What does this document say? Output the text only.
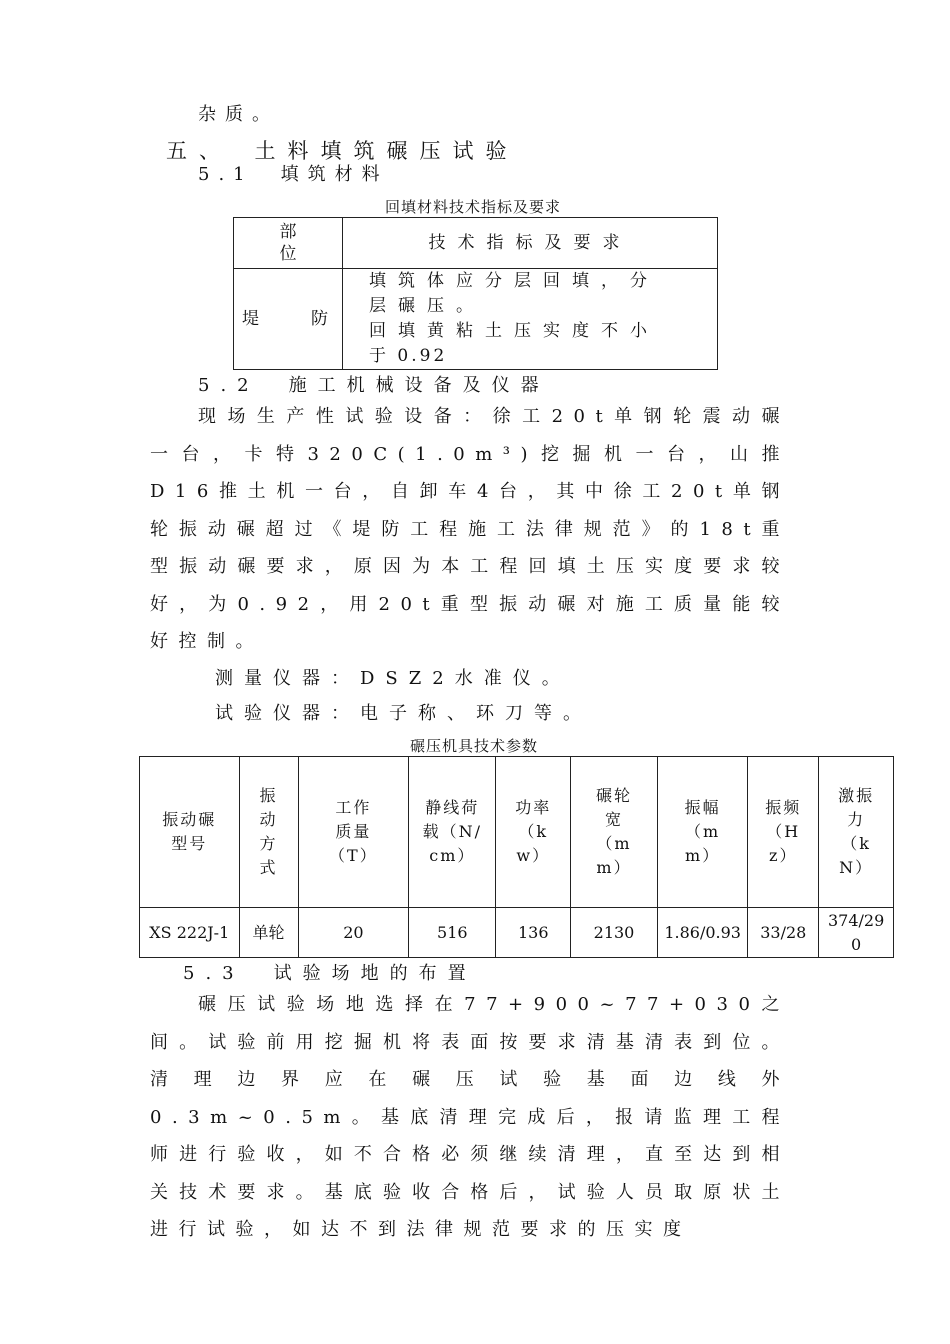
杂质。
五、　土料填筑碾压试验
5.1　填筑材料
回填材料技术指标及要求
部
位	技术指标及要求
堤　　防	填筑体应分层回填，分
层碾压。
回填黄粘土压实度不小
于 0.92
5.2　施工机械设备及仪器
现场生产性试验设备：徐工20t单钢轮震动碾一台，卡特320C(1.0m³)挖掘机一台，山推D16推土机一台，自卸车4台，其中徐工20t单钢轮振动碾超过《堤防工程施工法律规范》的18t重型振动碾要求，原因为本工程回填土压实度要求较好，为0.92，用20t重型振动碾对施工质量能较好控制。
测量仪器：DSZ2水准仪。
试验仪器：电子称、环刀等。
碾压机具技术参数
振动碾型号	振动方式	工作质量（T）	静线荷载（N/cm）	功率（kw）	碾轮宽（mm）	振幅（mm）	振频（Hz）	激振力（kN）
XS 222J-1	单轮	20	516	136	2130	1.86/0.93	33/28	374/290
5.3　试验场地的布置
碾压试验场地选择在77+900~77+030之间。试验前用挖掘机将表面按要求清基清表到位。清理边界应在碾压试验基面边线外0.3m~0.5m。基底清理完成后，报请监理工程师进行验收，如不合格必须继续清理，直至达到相关技术要求。基底验收合格后，试验人员取原状土进行试验，如达不到法律规范要求的压实度
